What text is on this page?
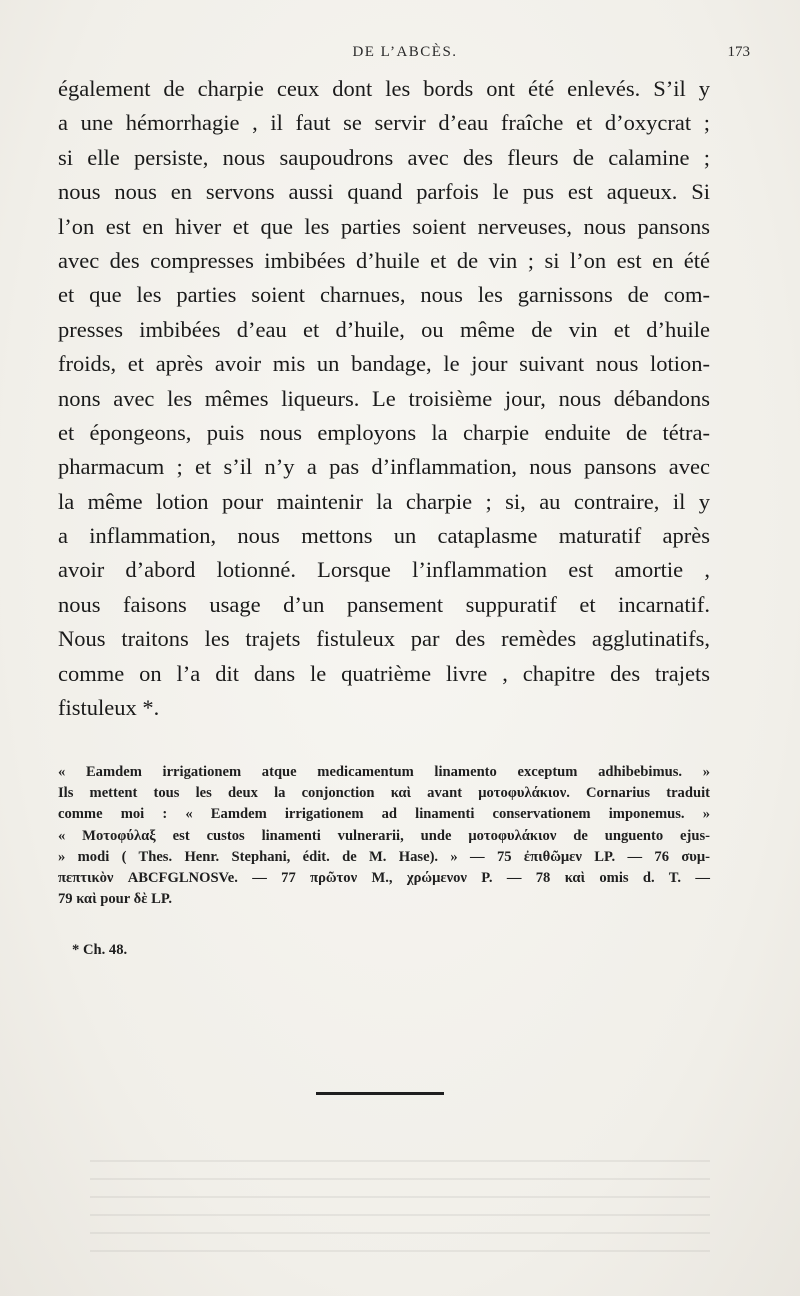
DE L’ABCÈS.	173
également de charpie ceux dont les bords ont été enlevés. S’il y
a une hémorrhagie , il faut se servir d’eau fraîche et d’oxycrat ;
si elle persiste, nous saupoudrons avec des fleurs de calamine ;
nous nous en servons aussi quand parfois le pus est aqueux. Si
l’on est en hiver et que les parties soient nerveuses, nous pansons
avec des compresses imbibées d’huile et de vin ; si l’on est en été
et que les parties soient charnues, nous les garnissons de com-
presses imbibées d’eau et d’huile, ou même de vin et d’huile
froids, et après avoir mis un bandage, le jour suivant nous lotion-
nons avec les mêmes liqueurs. Le troisième jour, nous débandons
et épongeons, puis nous employons la charpie enduite de tétra-
pharmacum ; et s’il n’y a pas d’inflammation, nous pansons avec
la même lotion pour maintenir la charpie ; si, au contraire, il y
a inflammation, nous mettons un cataplasme maturatif après
avoir d’abord lotionné. Lorsque l’inflammation est amortie ,
nous faisons usage d’un pansement suppuratif et incarnatif.
Nous traitons les trajets fistuleux par des remèdes agglutinatifs,
comme on l’a dit dans le quatrième livre , chapitre des trajets
fistuleux *.
« Eamdem irrigationem atque medicamentum linamento exceptum adhibebimus. »
Ils mettent tous les deux la conjonction καὶ avant μοτοφυλάκιον. Cornarius traduit
comme moi : « Eamdem irrigationem ad linamenti conservationem imponemus. »
« Μοτοφύλαξ est custos linamenti vulnerarii, unde μοτοφυλάκιον de unguento ejus-
» modi ( Thes. Henr. Stephani, édit. de M. Hase). » — 75 ἐπιθῶμεν LP. — 76 συμ-
πεπτικὸν ABCFGLNOSVe. — 77 πρῶτον M., χρώμενον P. — 78 καὶ omis d. T. —
79 καὶ pour δὲ LP.
* Ch. 48.
